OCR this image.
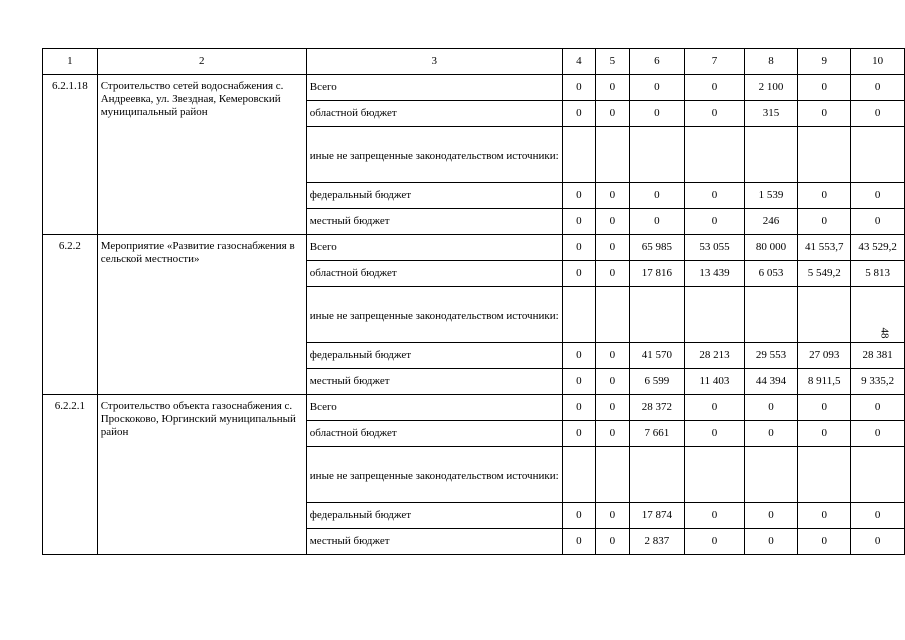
1	2	3	4	5	6	7	8	9	10
6.2.1.18	Строительство сетей водоснабжения с. Андреевка, ул. Звездная, Кемеровский муниципальный район	Всего	0	0	0	0	2 100	0	0
		областной бюджет	0	0	0	0	315	0	0
		иные не запрещенные законодательством источники:							
		федеральный бюджет	0	0	0	0	1 539	0	0
		местный бюджет	0	0	0	0	246	0	0
6.2.2	Мероприятие «Развитие газоснабжения в сельской местности»	Всего	0	0	65 985	53 055	80 000	41 553,7	43 529,2
		областной бюджет	0	0	17 816	13 439	6 053	5 549,2	5 813
		иные не запрещенные законодательством источники:							
		федеральный бюджет	0	0	41 570	28 213	29 553	27 093	28 381
		местный бюджет	0	0	6 599	11 403	44 394	8 911,5	9 335,2
6.2.2.1	Строительство объекта газоснабжения с. Проскоково, Юргинский муниципальный район	Всего	0	0	28 372	0	0	0	0
		областной бюджет	0	0	7 661	0	0	0	0
		иные не запрещенные законодательством источники:							
		федеральный бюджет	0	0	17 874	0	0	0	0
		местный бюджет	0	0	2 837	0	0	0	0
48
